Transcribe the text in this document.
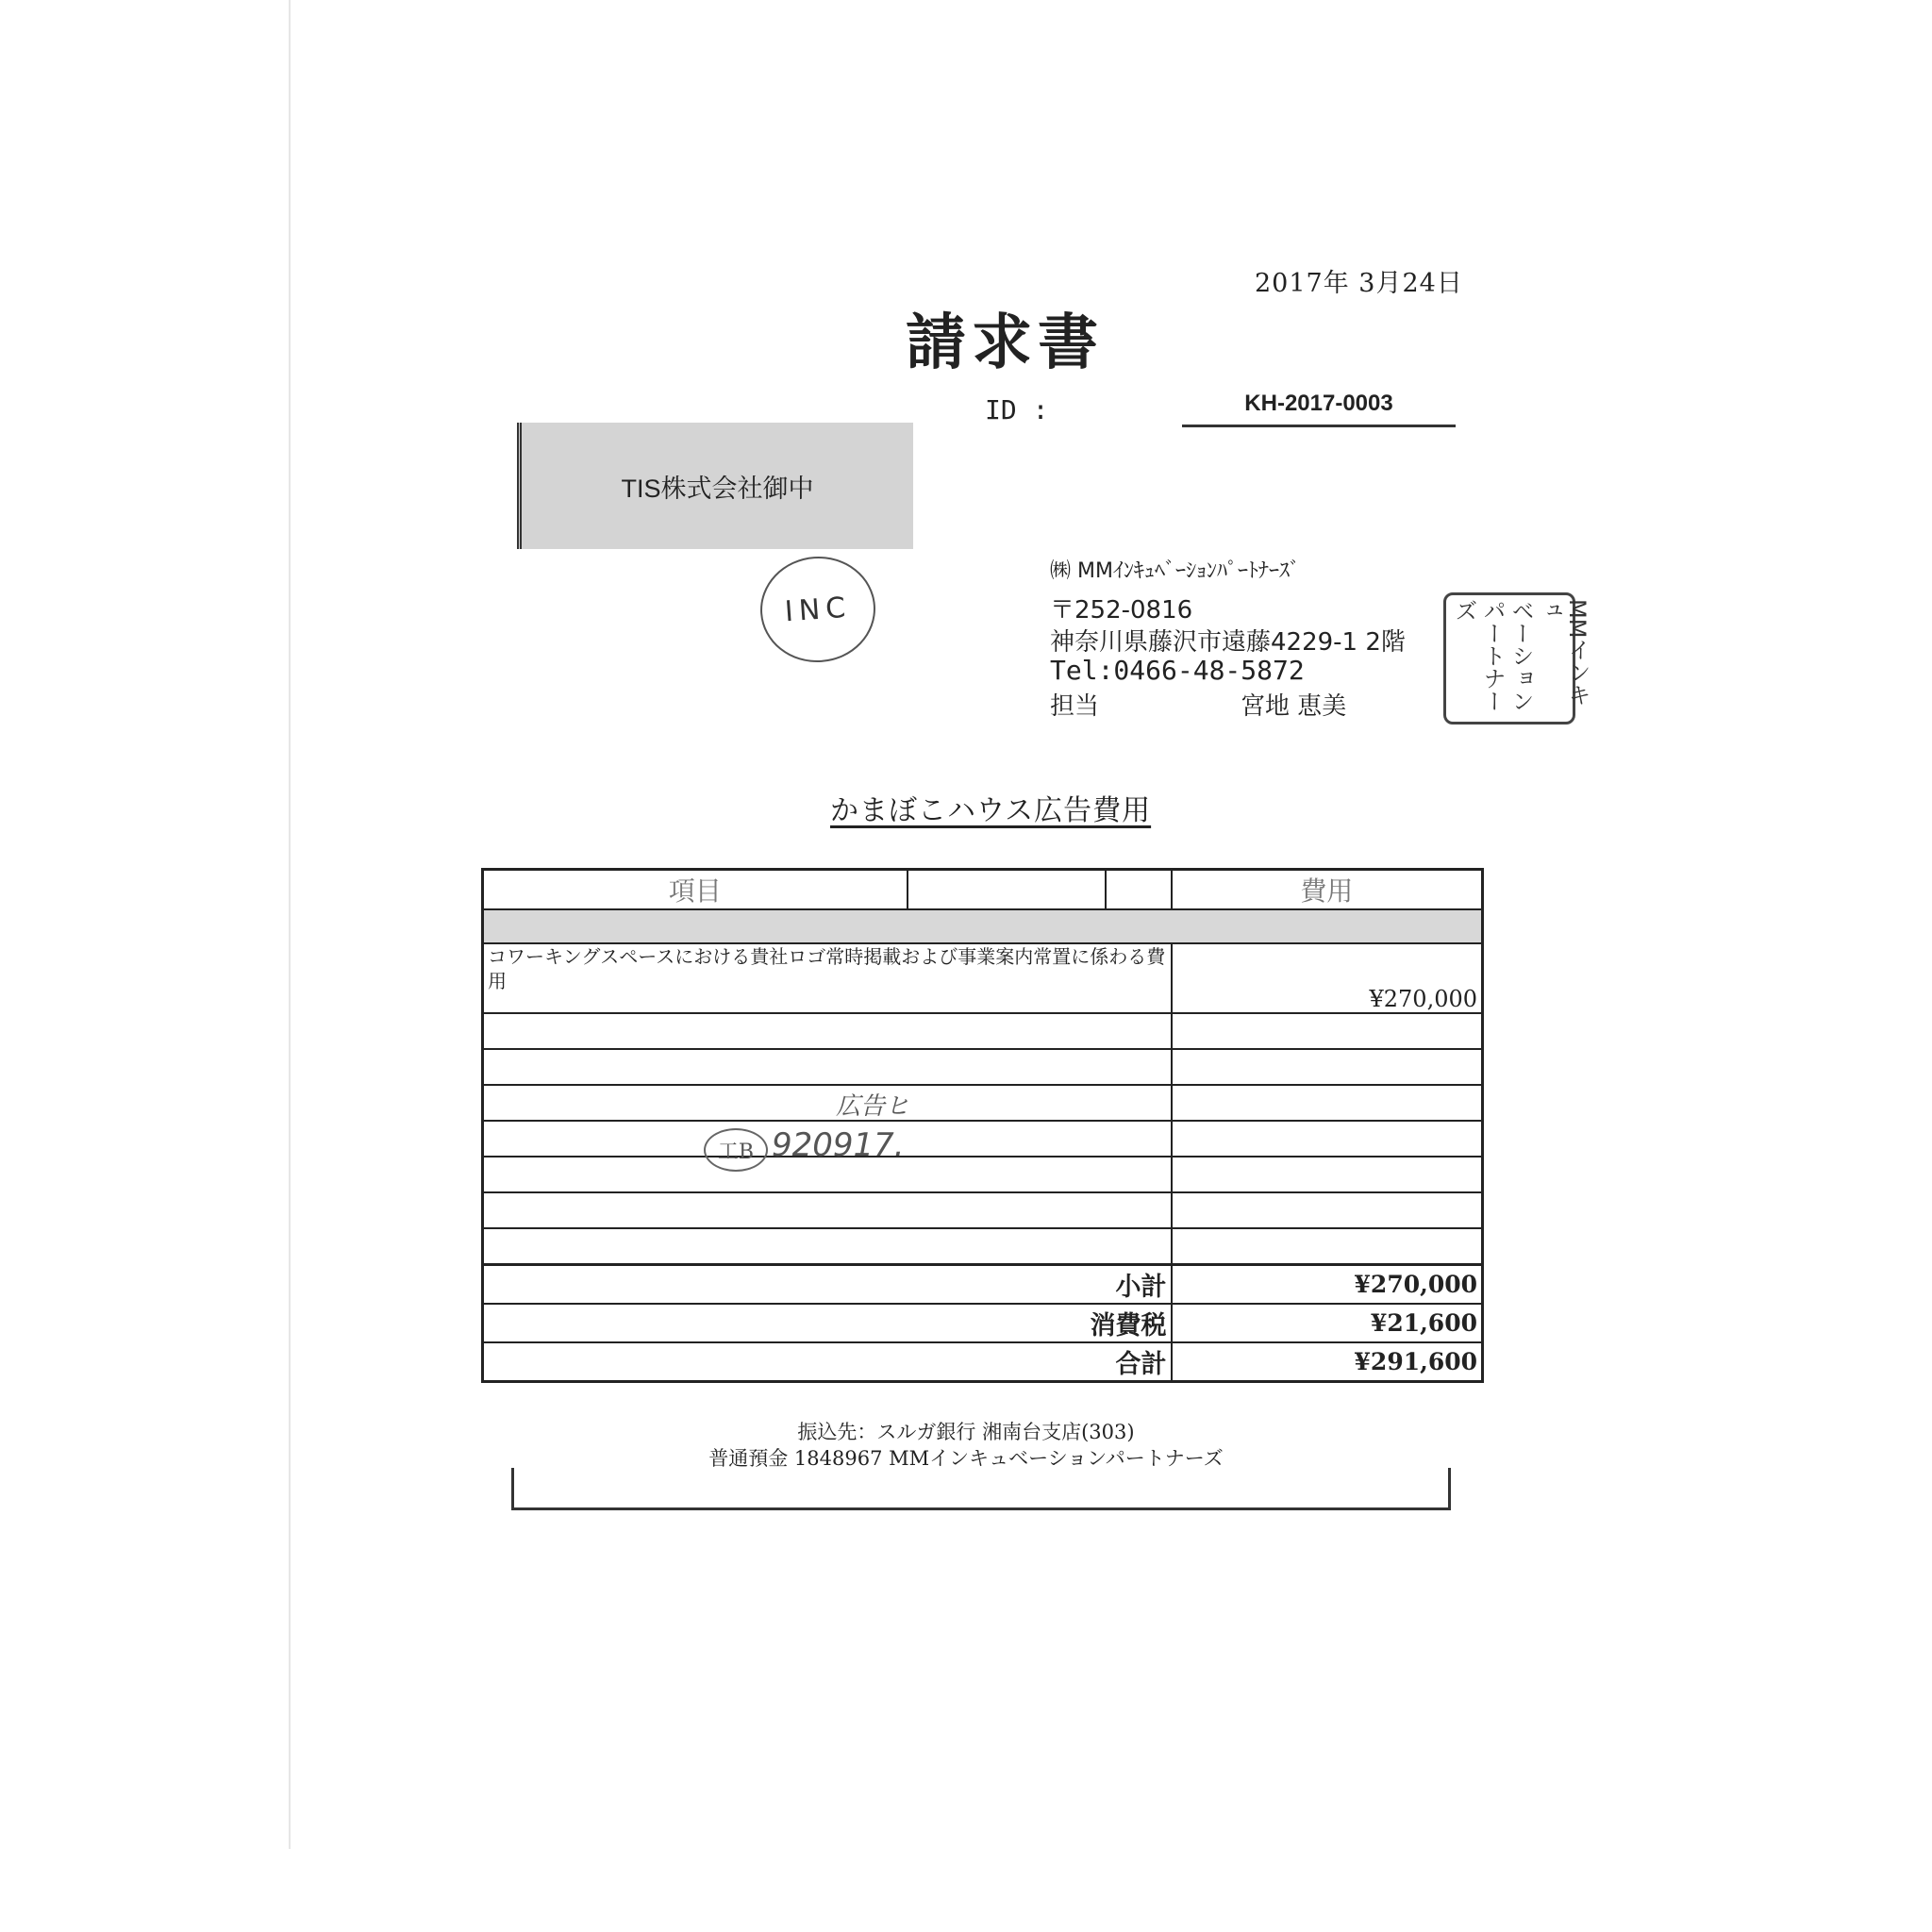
2017年 3月24日
請求書
ID :	KH-2017-0003
TIS株式会社御中
INC
㈱ MMｲﾝｷｭﾍﾞｰｼｮﾝﾊﾟｰﾄﾅｰｽﾞ
〒252-0816
神奈川県藤沢市遠藤4229-1 2階
Tel:0466-48-5872
担当	宮地 恵美
MMインキュ
ベーション
パートナーズ
かまぼこハウス広告費用
項目			費用

コワーキングスペースにおける貴社ロゴ常時掲載および事業案内常置に係わる費用			¥270,000

小計			¥270,000
消費税			¥21,600
合計			¥291,600
広告ヒ
工B 920917.
振込先：スルガ銀行 湘南台支店(303)
普通預金 1848967 MMインキュベーションパートナーズ
